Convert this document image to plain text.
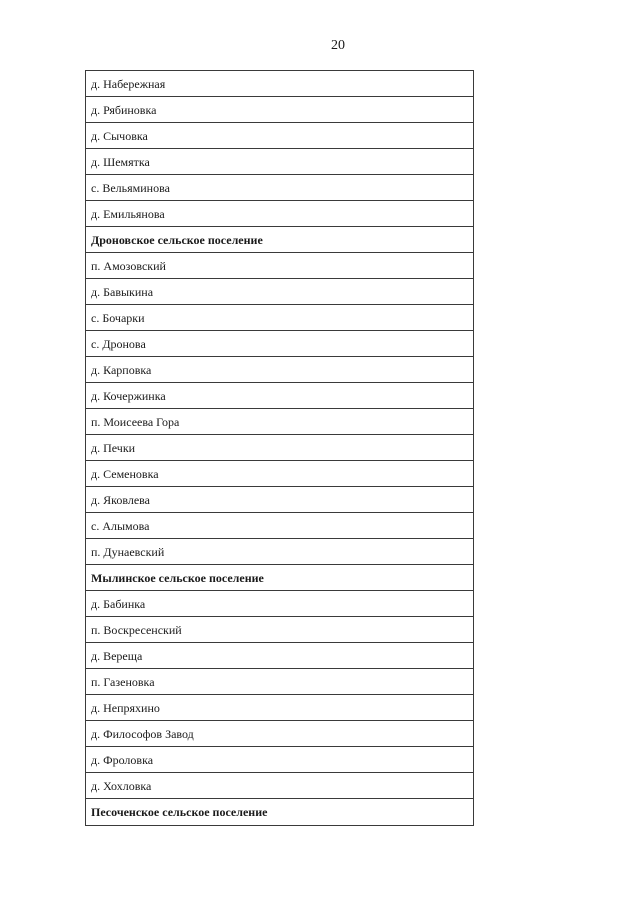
20
д. Набережная
д. Рябиновка
д. Сычовка
д. Шемятка
с. Вельяминова
д. Емильянова
Дроновское сельское поселение
п. Амозовский
д. Бавыкина
с. Бочарки
с. Дронова
д. Карповка
д. Кочержинка
п. Моисеева Гора
д. Печки
д. Семеновка
д. Яковлева
с. Алымова
п. Дунаевский
Мылинское сельское поселение
д. Бабинка
п. Воскресенский
д. Вереща
п. Газеновка
д. Непряхино
д. Философов Завод
д. Фроловка
д. Хохловка
Песоченское сельское поселение
